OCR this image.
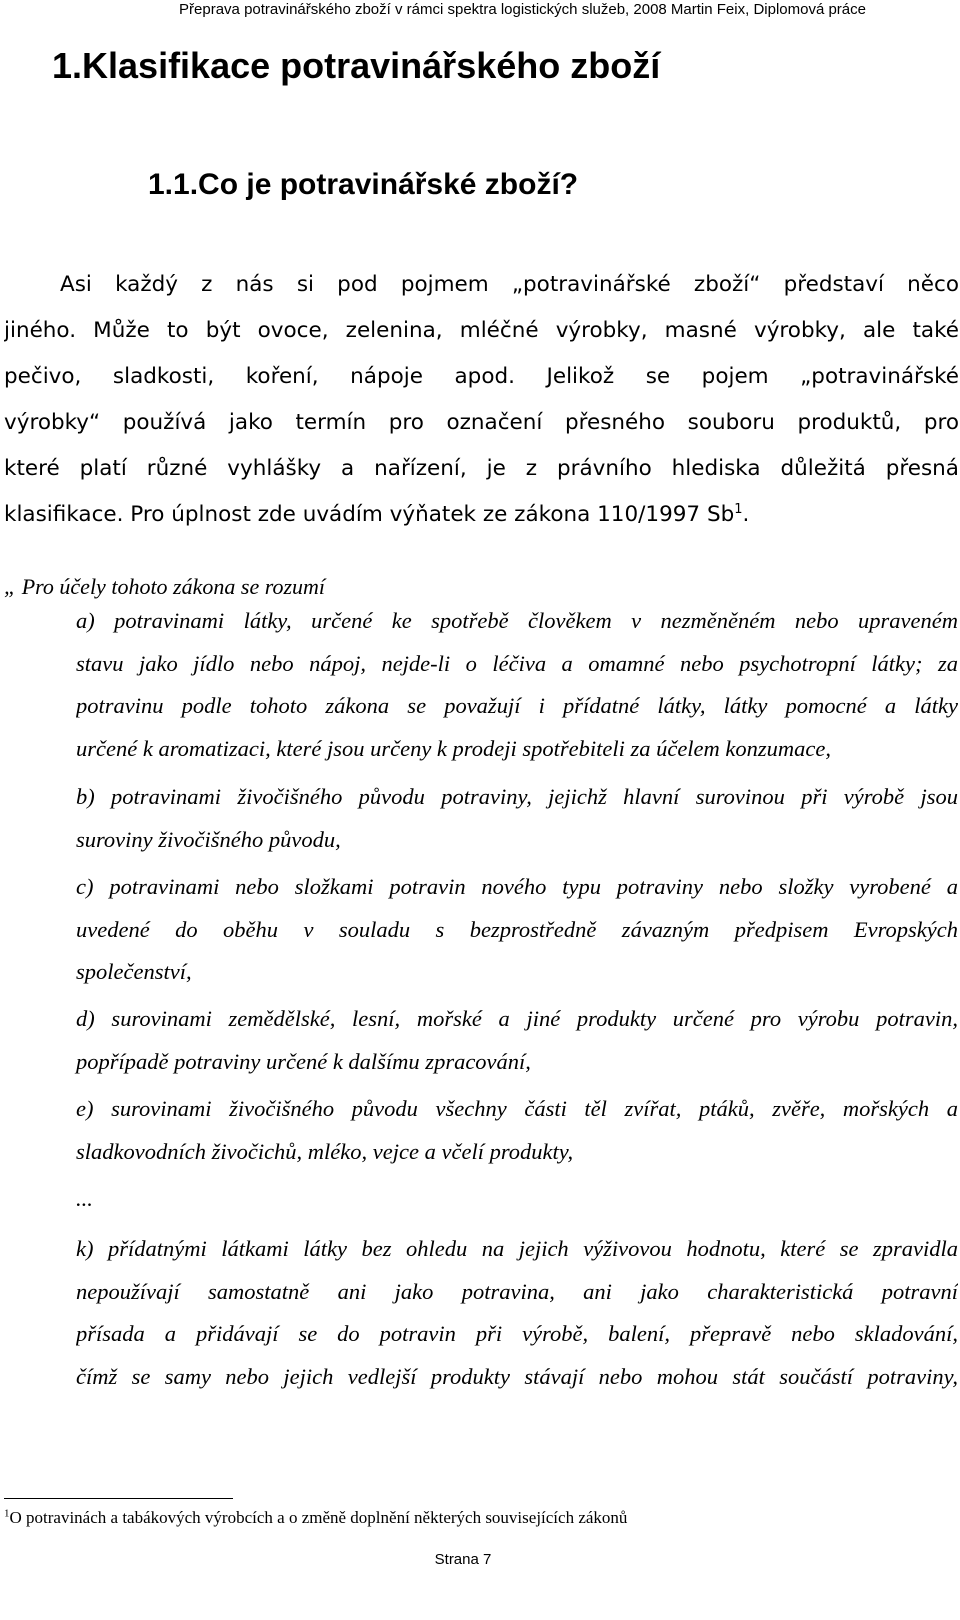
Přeprava potravinářského zboží v rámci spektra logistických služeb, 2008 Martin Feix, Diplomová práce
1.Klasifikace potravinářského zboží
1.1.Co je potravinářské zboží?
Asi každý z nás si pod pojmem „potravinářské zboží“ představí něco
jiného. Může to být ovoce, zelenina, mléčné výrobky, masné výrobky, ale také
pečivo, sladkosti, koření, nápoje apod. Jelikož se pojem „potravinářské
výrobky“ používá jako termín pro označení přesného souboru produktů, pro
které platí různé vyhlášky a nařízení, je z právního hlediska důležitá přesná
klasifikace. Pro úplnost zde uvádím výňatek ze zákona 110/1997 Sb$^1$.
„ Pro účely tohoto zákona se rozumí
a) potravinami látky, určené ke spotřebě člověkem v nezměněném nebo upraveném
stavu jako jídlo nebo nápoj, nejde-li o léčiva a omamné nebo psychotropní látky; za
potravinu podle tohoto zákona se považují i přídatné látky, látky pomocné a látky
určené k aromatizaci, které jsou určeny k prodeji spotřebiteli za účelem konzumace,
b) potravinami živočišného původu potraviny, jejichž hlavní surovinou při výrobě jsou
suroviny živočišného původu,
c) potravinami nebo složkami potravin nového typu potraviny nebo složky vyrobené a
uvedené do oběhu v souladu s bezprostředně závazným předpisem Evropských
společenství,
d) surovinami zemědělské, lesní, mořské a jiné produkty určené pro výrobu potravin,
popřípadě potraviny určené k dalšímu zpracování,
e) surovinami živočišného původu všechny části těl zvířat, ptáků, zvěře, mořských a
sladkovodních živočichů, mléko, vejce a včelí produkty,
...
k) přídatnými látkami látky bez ohledu na jejich výživovou hodnotu, které se zpravidla
nepoužívají samostatně ani jako potravina, ani jako charakteristická potravní
přísada a přidávají se do potravin při výrobě, balení, přepravě nebo skladování,
čímž se samy nebo jejich vedlejší produkty stávají nebo mohou stát součástí potraviny,
$^1$O potravinách a tabákových výrobcích a o změně doplnění některých souvisejících zákonů
Strana 7
